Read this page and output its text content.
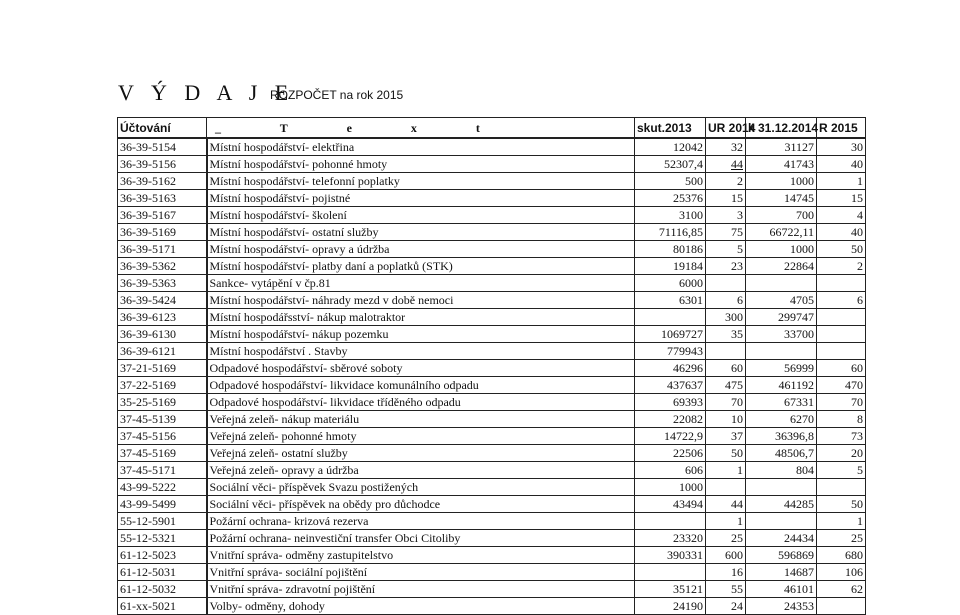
V Ý D A J E
ROZPOČET na rok 2015
Účtování	_ T e x t	skut.2013	UR 2014	k 31.12.2014	R 2015
36-39-5154	Místní hospodářství- elektřina	12042	32	31127	30
36-39-5156	Místní hospodářství- pohonné hmoty	52307,4	44	41743	40
36-39-5162	Místní hospodářství- telefonní poplatky	500	2	1000	1
36-39-5163	Místní hospodářství- pojistné	25376	15	14745	15
36-39-5167	Místní hospodářství- školení	3100	3	700	4
36-39-5169	Místní hospodářství- ostatní služby	71116,85	75	66722,11	40
36-39-5171	Místní hospodářství- opravy a údržba	80186	5	1000	50
36-39-5362	Místní hospodářství- platby daní a poplatků (STK)	19184	23	22864	2
36-39-5363	Sankce- vytápění v čp.81	6000			
36-39-5424	Místní hospodářství- náhrady mezd v době nemoci	6301	6	4705	6
36-39-6123	Místní hospodářsství- nákup malotraktor		300	299747	
36-39-6130	Místní hospodářství- nákup pozemku	1069727	35	33700	
36-39-6121	Místní hospodářství . Stavby	779943			
37-21-5169	Odpadové hospodářství- sběrové soboty	46296	60	56999	60
37-22-5169	Odpadové hospodářství- likvidace komunálního odpadu	437637	475	461192	470
35-25-5169	Odpadové hospodářství- likvidace tříděného odpadu	69393	70	67331	70
37-45-5139	Veřejná zeleň- nákup materiálu	22082	10	6270	8
37-45-5156	Veřejná zeleň- pohonné hmoty	14722,9	37	36396,8	73
37-45-5169	Veřejná zeleň- ostatní služby	22506	50	48506,7	20
37-45-5171	Veřejná zeleň- opravy a údržba	606	1	804	5
43-99-5222	Sociální věci- příspěvek Svazu postižených	1000			
43-99-5499	Sociální věci- příspěvek na obědy pro důchodce	43494	44	44285	50
55-12-5901	Požární ochrana- krizová rezerva		1		1
55-12-5321	Požární ochrana- neinvestiční transfer Obci Citoliby	23320	25	24434	25
61-12-5023	Vnitřní správa- odměny zastupitelstvo	390331	600	596869	680
61-12-5031	Vnitřní správa- sociální pojištění		16	14687	106
61-12-5032	Vnitřní správa- zdravotní pojištění	35121	55	46101	62
61-xx-5021	Volby- odměny, dohody	24190	24	24353	
